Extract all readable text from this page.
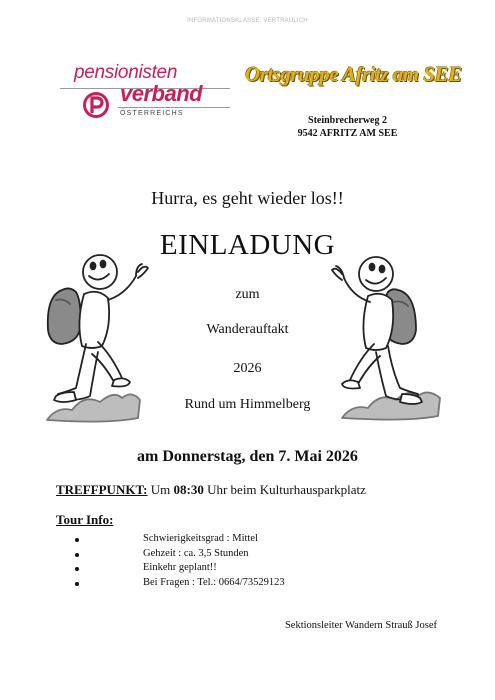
INFORMATIONSKLASSE: VERTRAULICH
pensionisten
verband
ÖSTERREICHS
Ortsgruppe Afritz am SEE
Steinbrecherweg 2
9542 AFRITZ AM SEE
Hurra, es geht wieder los!!
EINLADUNG
zum
Wanderauftakt
2026
Rund um Himmelberg
am Donnerstag, den 7. Mai 2026
TREFFPUNKT: Um 08:30 Uhr beim Kulturhausparkplatz
Tour Info:
Schwierigkeitsgrad : Mittel
Gehzeit : ca. 3,5 Stunden
Einkehr geplant!!
Bei Fragen : Tel.: 0664/73529123
Sektionsleiter Wandern Strauß Josef
